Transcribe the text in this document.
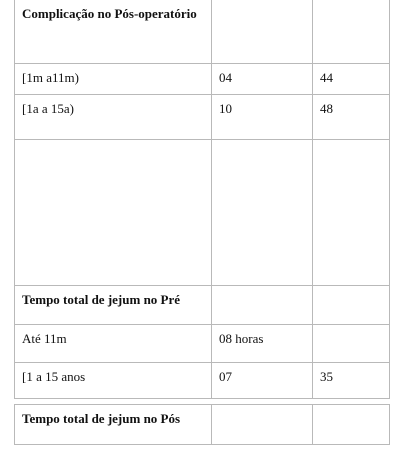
Complicação no Pós-operatório		
[1m a11m)	04	44
[1a a 15a)	10	48

Tempo total de jejum no Pré		
Até 11m	08 horas	
[1 a 15 anos	07	35
Tempo total de jejum no Pós		
